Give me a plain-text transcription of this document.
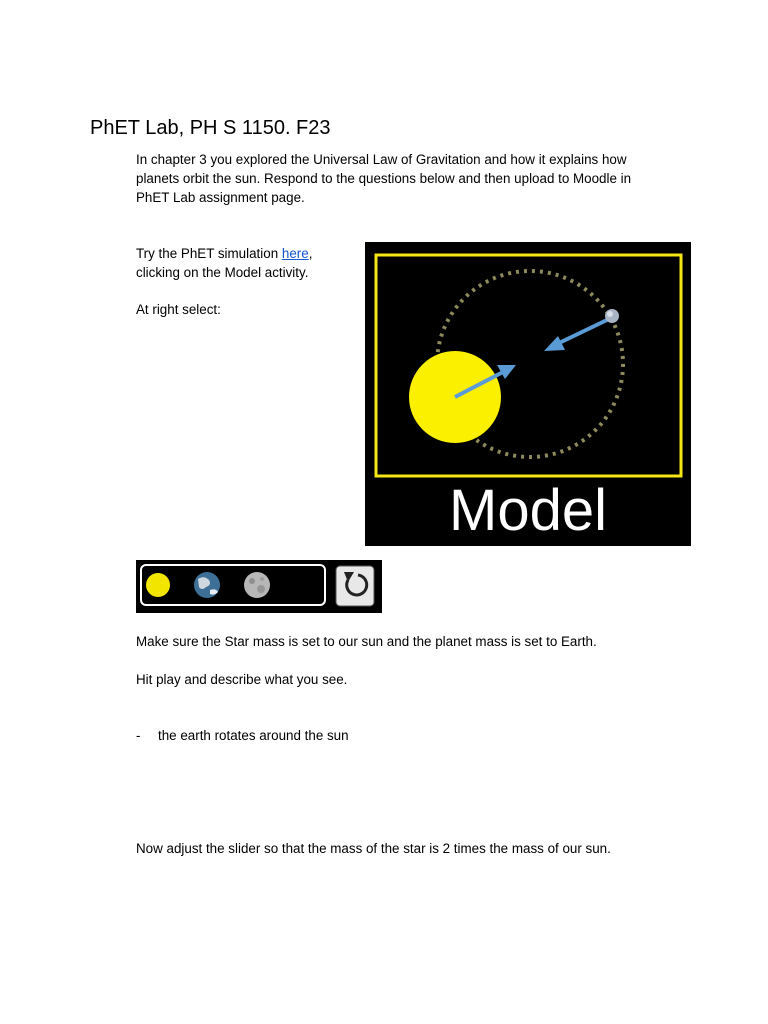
PhET Lab, PH S 1150. F23

In chapter 3 you explored the Universal Law of Gravitation and how it explains how planets orbit the sun. Respond to the questions below and then upload to Moodle in PhET Lab assignment page.

Try the PhET simulation here, clicking on the Model activity.

At right select:

Model

Make sure the Star mass is set to our sun and the planet mass is set to Earth.

Hit play and describe what you see.

- the earth rotates around the sun

Now adjust the slider so that the mass of the star is 2 times the mass of our sun.
